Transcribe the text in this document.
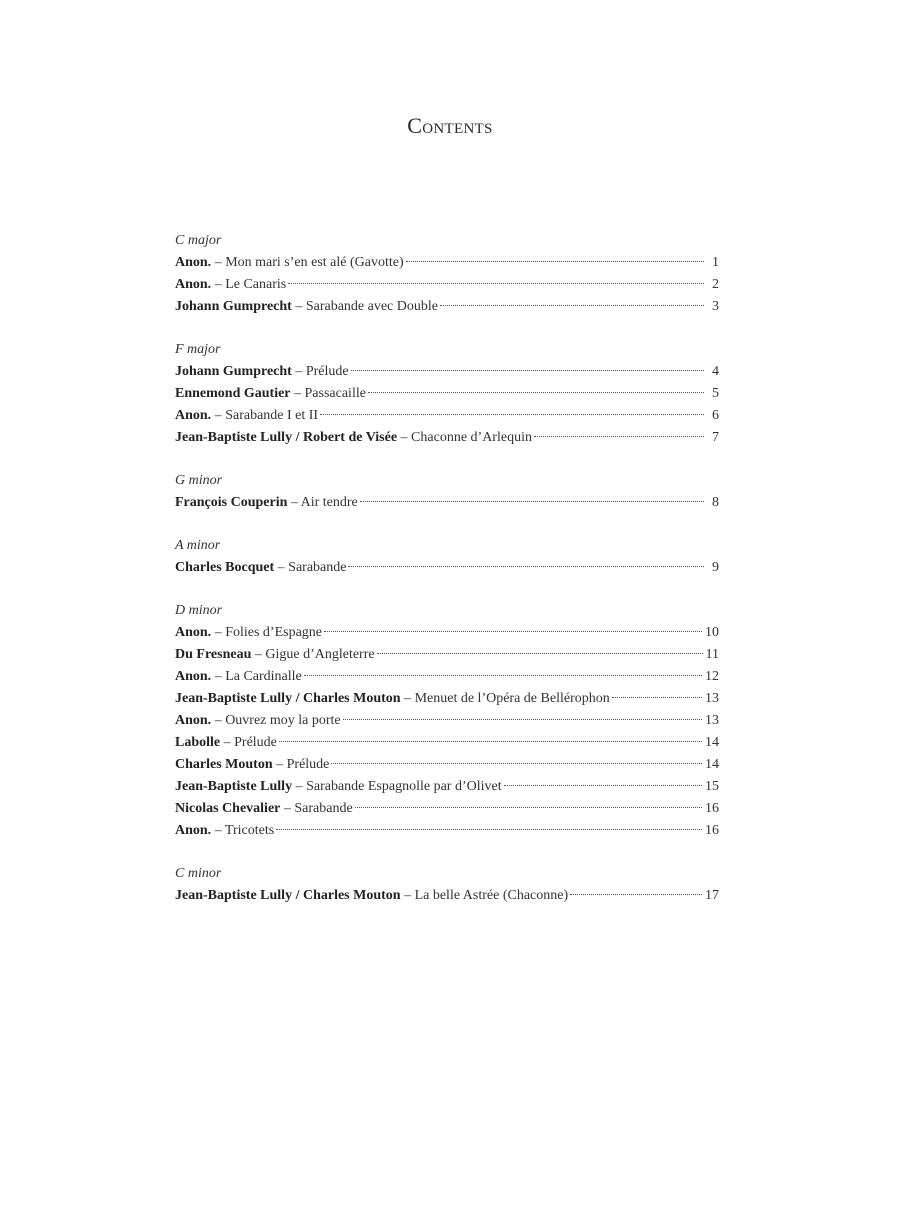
Contents
C major
Anon. – Mon mari s’en est alé (Gavotte)	1
Anon. – Le Canaris	2
Johann Gumprecht – Sarabande avec Double	3
F major
Johann Gumprecht – Prélude	4
Ennemond Gautier – Passacaille	5
Anon. – Sarabande I et II	6
Jean-Baptiste Lully / Robert de Visée – Chaconne d’Arlequin	7
G minor
François Couperin – Air tendre	8
A minor
Charles Bocquet – Sarabande	9
D minor
Anon. – Folies d’Espagne	10
Du Fresneau – Gigue d’Angleterre	11
Anon. – La Cardinalle	12
Jean-Baptiste Lully / Charles Mouton – Menuet de l’Opéra de Bellérophon	13
Anon. – Ouvrez moy la porte	13
Labolle – Prélude	14
Charles Mouton – Prélude	14
Jean-Baptiste Lully – Sarabande Espagnolle par d’Olivet	15
Nicolas Chevalier – Sarabande	16
Anon. – Tricotets	16
C minor
Jean-Baptiste Lully / Charles Mouton – La belle Astrée (Chaconne)	17
